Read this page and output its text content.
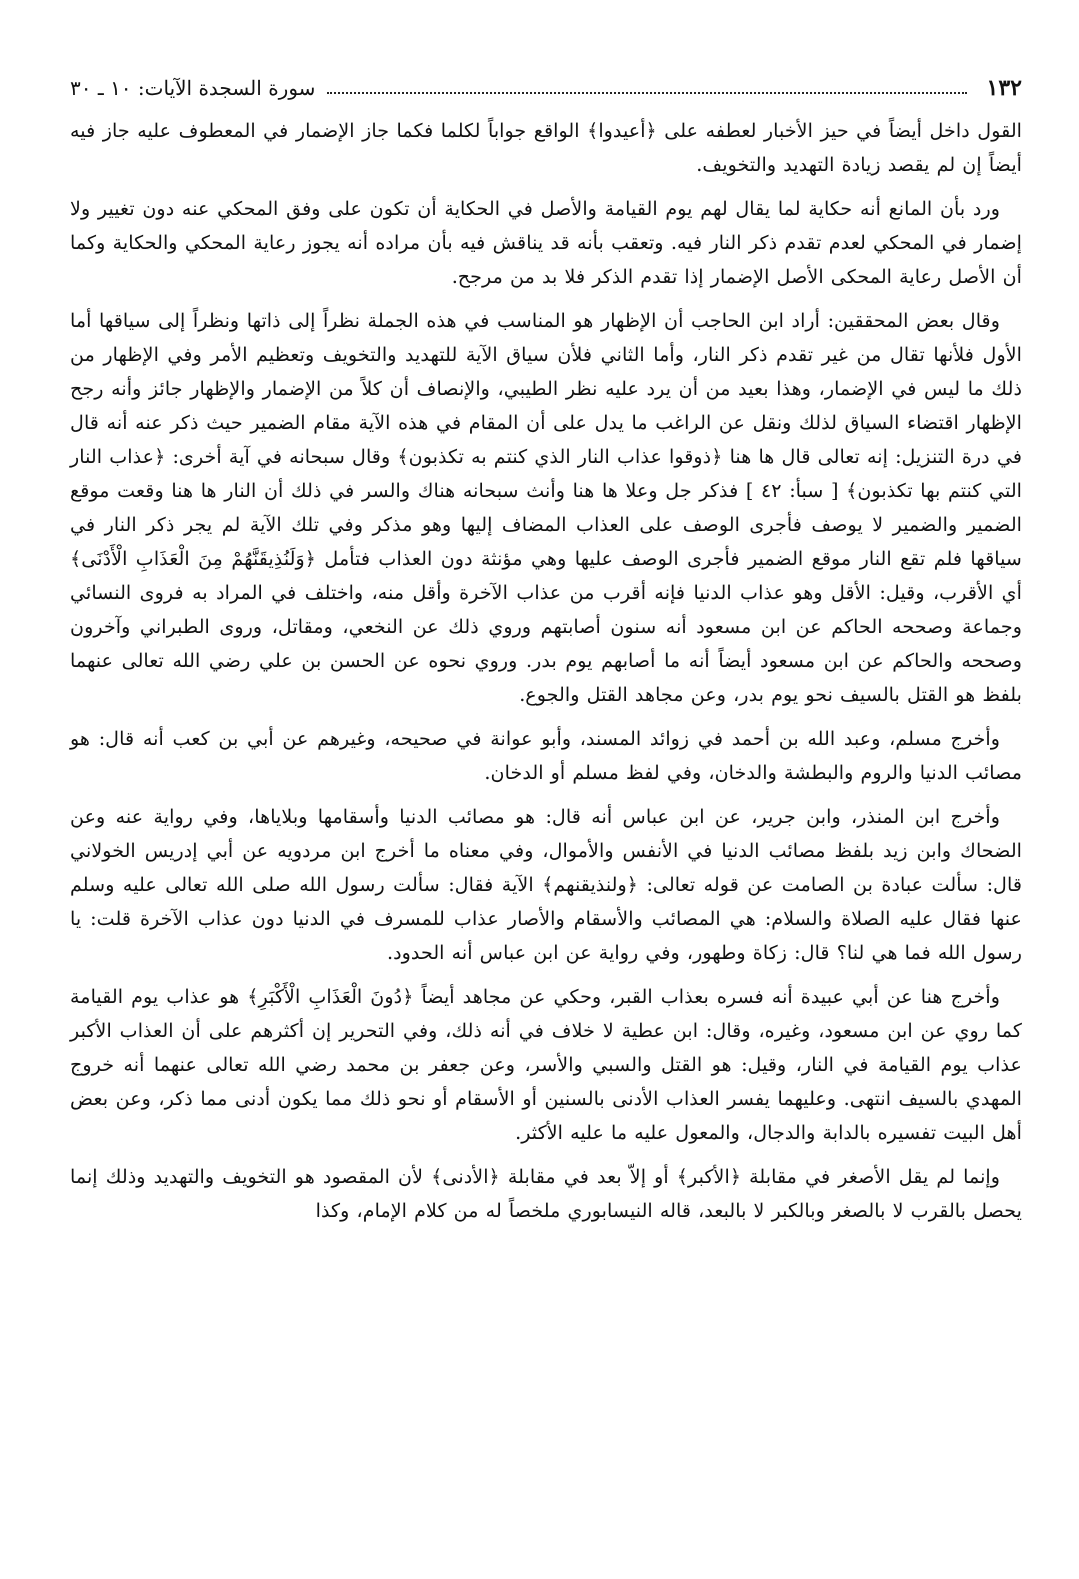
١٣٢
سورة السجدة الآيات: ١٠ ـ ٣٠

القول داخل أيضاً في حيز الأخبار لعطفه على ﴿أعيدوا﴾ الواقع جواباً لكلما فكما جاز الإضمار في المعطوف عليه جاز فيه أيضاً إن لم يقصد زيادة التهديد والتخويف.

ورد بأن المانع أنه حكاية لما يقال لهم يوم القيامة والأصل في الحكاية أن تكون على وفق المحكي عنه دون تغيير ولا إضمار في المحكي لعدم تقدم ذكر النار فيه. وتعقب بأنه قد يناقش فيه بأن مراده أنه يجوز رعاية المحكي والحكاية وكما أن الأصل رعاية المحكى الأصل الإضمار إذا تقدم الذكر فلا بد من مرجح.

وقال بعض المحققين: أراد ابن الحاجب أن الإظهار هو المناسب في هذه الجملة نظراً إلى ذاتها ونظراً إلى سياقها أما الأول فلأنها تقال من غير تقدم ذكر النار، وأما الثاني فلأن سياق الآية للتهديد والتخويف وتعظيم الأمر وفي الإظهار من ذلك ما ليس في الإضمار، وهذا بعيد من أن يرد عليه نظر الطيبي، والإنصاف أن كلاً من الإضمار والإظهار جائز وأنه رجح الإظهار اقتضاء السياق لذلك ونقل عن الراغب ما يدل على أن المقام في هذه الآية مقام الضمير حيث ذكر عنه أنه قال في درة التنزيل: إنه تعالى قال ها هنا ﴿ذوقوا عذاب النار الذي كنتم به تكذبون﴾ وقال سبحانه في آية أخرى: ﴿عذاب النار التي كنتم بها تكذبون﴾ [ سبأ: ٤٢ ] فذكر جل وعلا ها هنا وأنث سبحانه هناك والسر في ذلك أن النار ها هنا وقعت موقع الضمير والضمير لا يوصف فأجرى الوصف على العذاب المضاف إليها وهو مذكر وفي تلك الآية لم يجر ذكر النار في سياقها فلم تقع النار موقع الضمير فأجرى الوصف عليها وهي مؤنثة دون العذاب فتأمل ﴿وَلَنُذِيقَنَّهُمْ مِنَ الْعَذَابِ الْأَدْنَى﴾ أي الأقرب، وقيل: الأقل وهو عذاب الدنيا فإنه أقرب من عذاب الآخرة وأقل منه، واختلف في المراد به فروى النسائي وجماعة وصححه الحاكم عن ابن مسعود أنه سنون أصابتهم وروي ذلك عن النخعي، ومقاتل، وروى الطبراني وآخرون وصححه والحاكم عن ابن مسعود أيضاً أنه ما أصابهم يوم بدر. وروي نحوه عن الحسن بن علي رضي الله تعالى عنهما بلفظ هو القتل بالسيف نحو يوم بدر، وعن مجاهد القتل والجوع.

وأخرج مسلم، وعبد الله بن أحمد في زوائد المسند، وأبو عوانة في صحيحه، وغيرهم عن أبي بن كعب أنه قال: هو مصائب الدنيا والروم والبطشة والدخان، وفي لفظ مسلم أو الدخان.

وأخرج ابن المنذر، وابن جرير، عن ابن عباس أنه قال: هو مصائب الدنيا وأسقامها وبلاياها، وفي رواية عنه وعن الضحاك وابن زيد بلفظ مصائب الدنيا في الأنفس والأموال، وفي معناه ما أخرج ابن مردويه عن أبي إدريس الخولاني قال: سألت عبادة بن الصامت عن قوله تعالى: ﴿ولنذيقنهم﴾ الآية فقال: سألت رسول الله صلى الله تعالى عليه وسلم عنها فقال عليه الصلاة والسلام: هي المصائب والأسقام والأصار عذاب للمسرف في الدنيا دون عذاب الآخرة قلت: يا رسول الله فما هي لنا؟ قال: زكاة وطهور، وفي رواية عن ابن عباس أنه الحدود.

وأخرج هنا عن أبي عبيدة أنه فسره بعذاب القبر، وحكي عن مجاهد أيضاً ﴿دُونَ الْعَذَابِ الْأَكْبَرِ﴾ هو عذاب يوم القيامة كما روي عن ابن مسعود، وغيره، وقال: ابن عطية لا خلاف في أنه ذلك، وفي التحرير إن أكثرهم على أن العذاب الأكبر عذاب يوم القيامة في النار، وقيل: هو القتل والسبي والأسر، وعن جعفر بن محمد رضي الله تعالى عنهما أنه خروج المهدي بالسيف انتهى. وعليهما يفسر العذاب الأدنى بالسنين أو الأسقام أو نحو ذلك مما يكون أدنى مما ذكر، وعن بعض أهل البيت تفسيره بالدابة والدجال، والمعول عليه ما عليه الأكثر.

وإنما لم يقل الأصغر في مقابلة ﴿الأكبر﴾ أو إلاّ بعد في مقابلة ﴿الأدنى﴾ لأن المقصود هو التخويف والتهديد وذلك إنما يحصل بالقرب لا بالصغر وبالكبر لا بالبعد، قاله النيسابوري ملخصاً له من كلام الإمام، وكذا
